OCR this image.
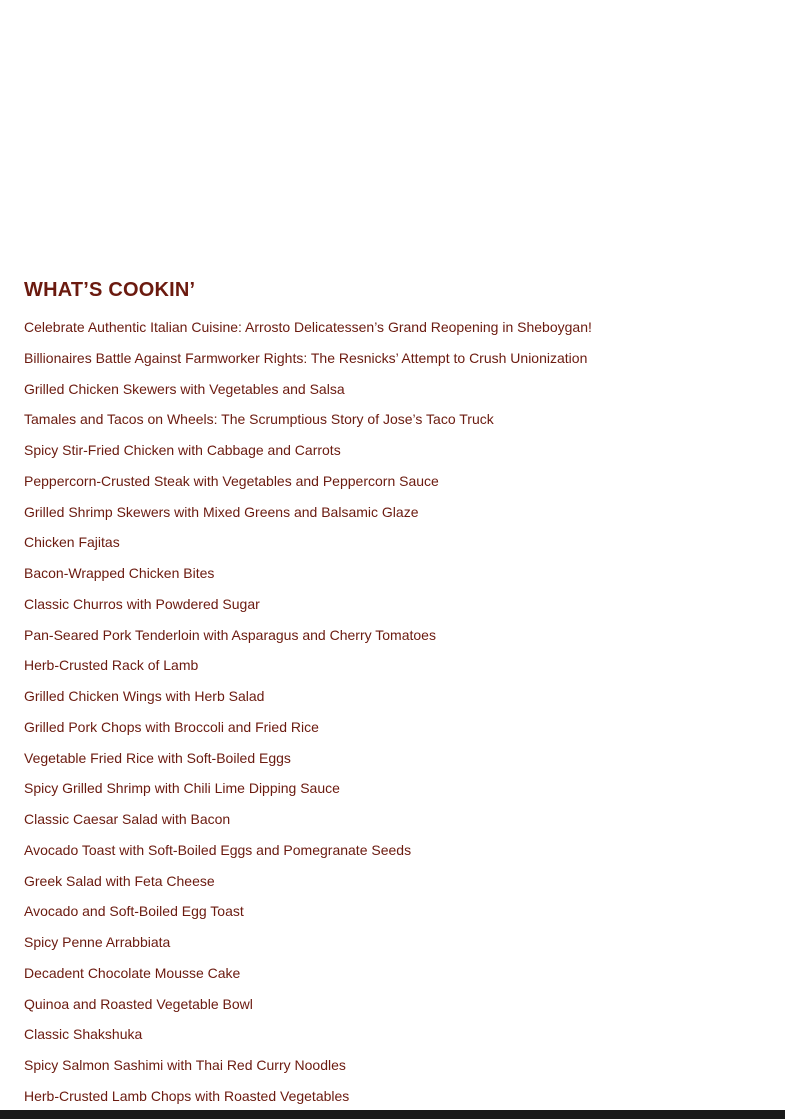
WHAT’S COOKIN’
Celebrate Authentic Italian Cuisine: Arrosto Delicatessen’s Grand Reopening in Sheboygan!
Billionaires Battle Against Farmworker Rights: The Resnicks’ Attempt to Crush Unionization
Grilled Chicken Skewers with Vegetables and Salsa
Tamales and Tacos on Wheels: The Scrumptious Story of Jose’s Taco Truck
Spicy Stir-Fried Chicken with Cabbage and Carrots
Peppercorn-Crusted Steak with Vegetables and Peppercorn Sauce
Grilled Shrimp Skewers with Mixed Greens and Balsamic Glaze
Chicken Fajitas
Bacon-Wrapped Chicken Bites
Classic Churros with Powdered Sugar
Pan-Seared Pork Tenderloin with Asparagus and Cherry Tomatoes
Herb-Crusted Rack of Lamb
Grilled Chicken Wings with Herb Salad
Grilled Pork Chops with Broccoli and Fried Rice
Vegetable Fried Rice with Soft-Boiled Eggs
Spicy Grilled Shrimp with Chili Lime Dipping Sauce
Classic Caesar Salad with Bacon
Avocado Toast with Soft-Boiled Eggs and Pomegranate Seeds
Greek Salad with Feta Cheese
Avocado and Soft-Boiled Egg Toast
Spicy Penne Arrabbiata
Decadent Chocolate Mousse Cake
Quinoa and Roasted Vegetable Bowl
Classic Shakshuka
Spicy Salmon Sashimi with Thai Red Curry Noodles
Herb-Crusted Lamb Chops with Roasted Vegetables
